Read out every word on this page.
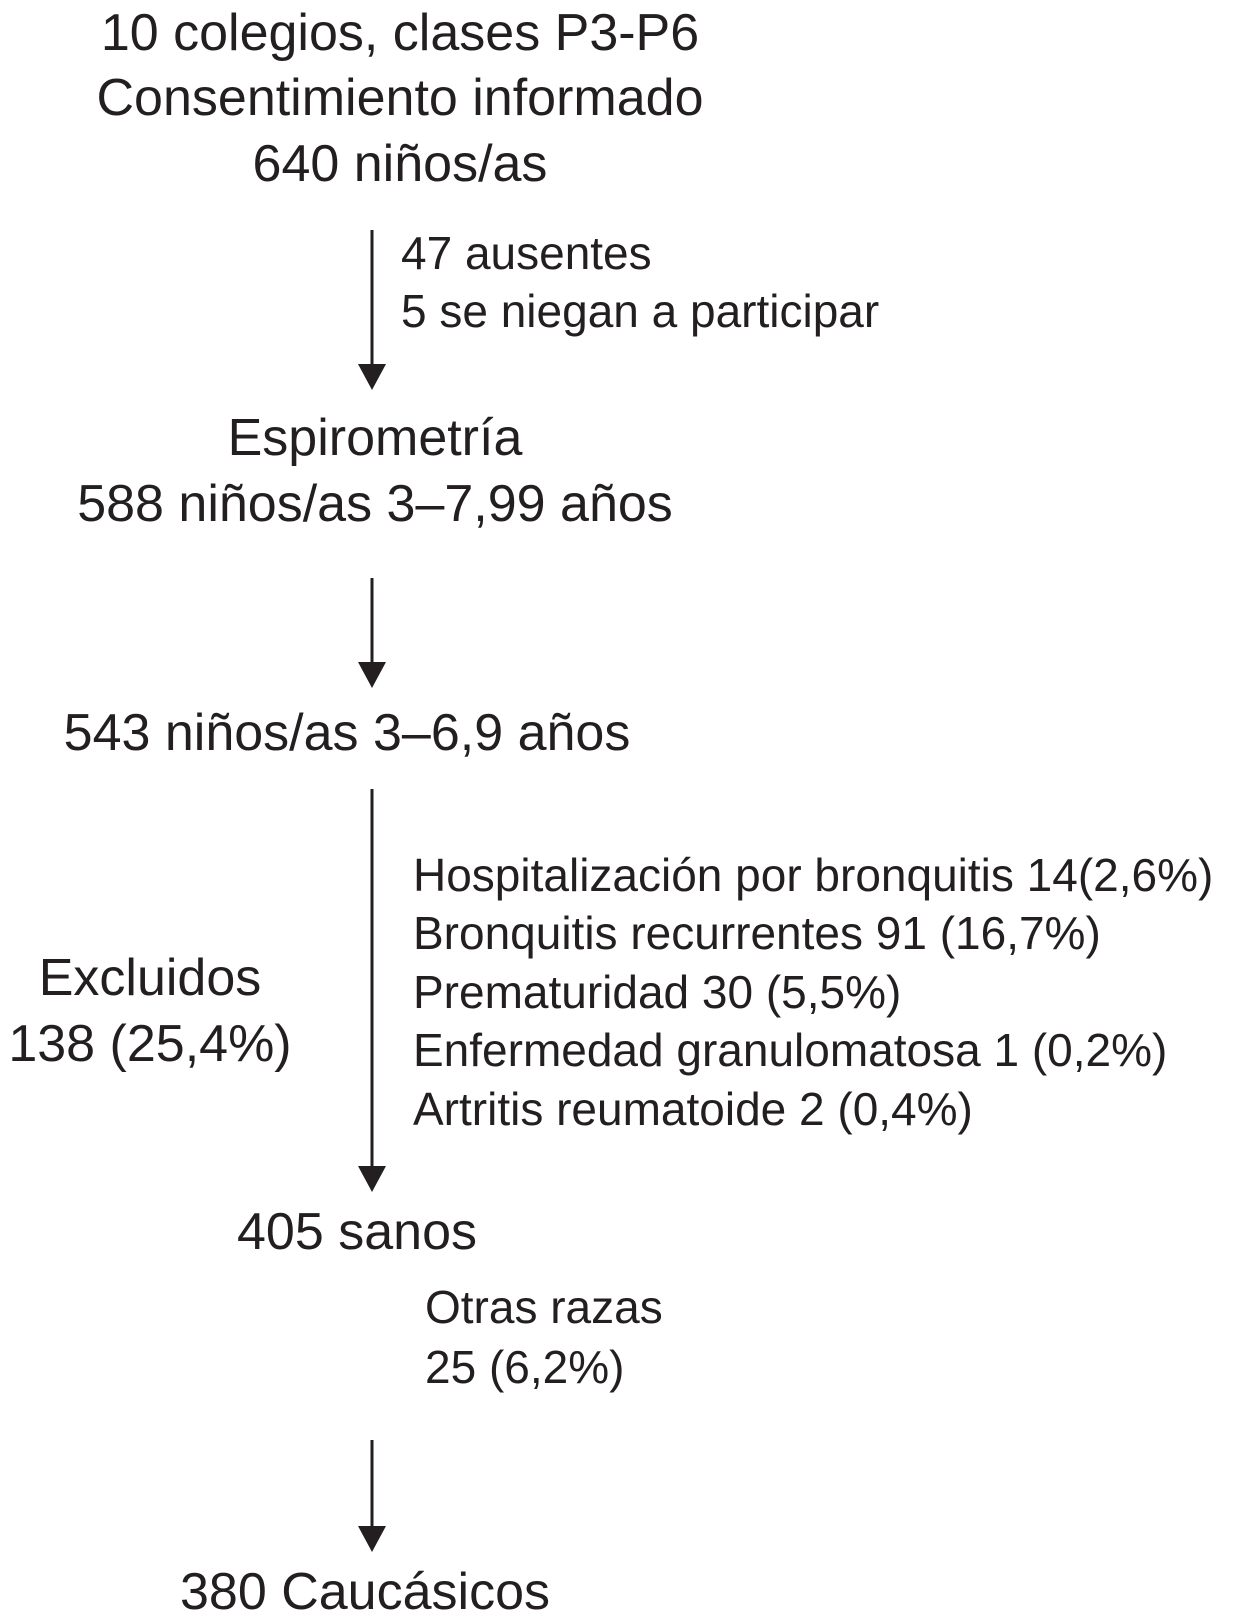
10 colegios, clases P3-P6
Consentimiento informado
640 niños/as
47 ausentes
5 se niegan a participar
Espirometría
588 niños/as 3–7,99 años
543 niños/as 3–6,9 años
Excluidos
138 (25,4%)
Hospitalización por bronquitis 14(2,6%)
Bronquitis recurrentes 91 (16,7%)
Prematuridad 30 (5,5%)
Enfermedad granulomatosa 1 (0,2%)
Artritis reumatoide 2 (0,4%)
405 sanos
Otras razas
25 (6,2%)
380 Caucásicos
